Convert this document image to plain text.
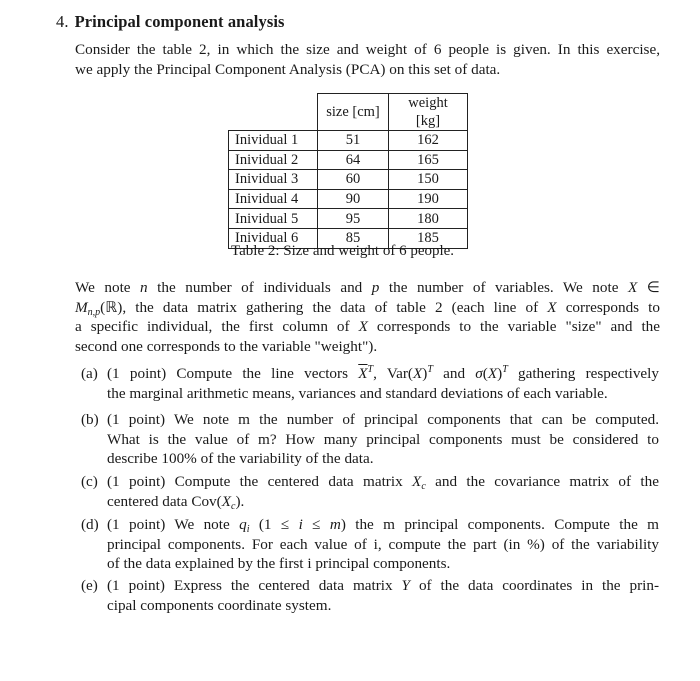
4. Principal component analysis
Consider the table 2, in which the size and weight of 6 people is given. In this exercise,
we apply the Principal Component Analysis (PCA) on this set of data.
	size [cm]	weight [kg]
Inividual 1	51	162
Inividual 2	64	165
Inividual 3	60	150
Inividual 4	90	190
Inividual 5	95	180
Inividual 6	85	185
Table 2: Size and weight of 6 people.
We note n the number of individuals and p the number of variables. We note X ∈
$M_{n,p}(ℝ)$, the data matrix gathering the data of table 2 (each line of X corresponds to
a specific individual, the first column of X corresponds to the variable "size" and the
second one corresponds to the variable "weight").
(a) (1 point) Compute the line vectors $\overline{X}^T$, $Var(X)^T$ and $\sigma(X)^T$ gathering respectively
the marginal arithmetic means, variances and standard deviations of each variable.
(b) (1 point) We note m the number of principal components that can be computed.
What is the value of m? How many principal components must be considered to
describe 100% of the variability of the data.
(c) (1 point) Compute the centered data matrix $X_c$ and the covariance matrix of the
centered data $Cov(X_c)$.
(d) (1 point) We note $q_i$ (1 ≤ i ≤ m) the m principal components. Compute the m
principal components. For each value of i, compute the part (in %) of the variability
of the data explained by the first i principal components.
(e) (1 point) Express the centered data matrix Y of the data coordinates in the prin-
cipal components coordinate system.
